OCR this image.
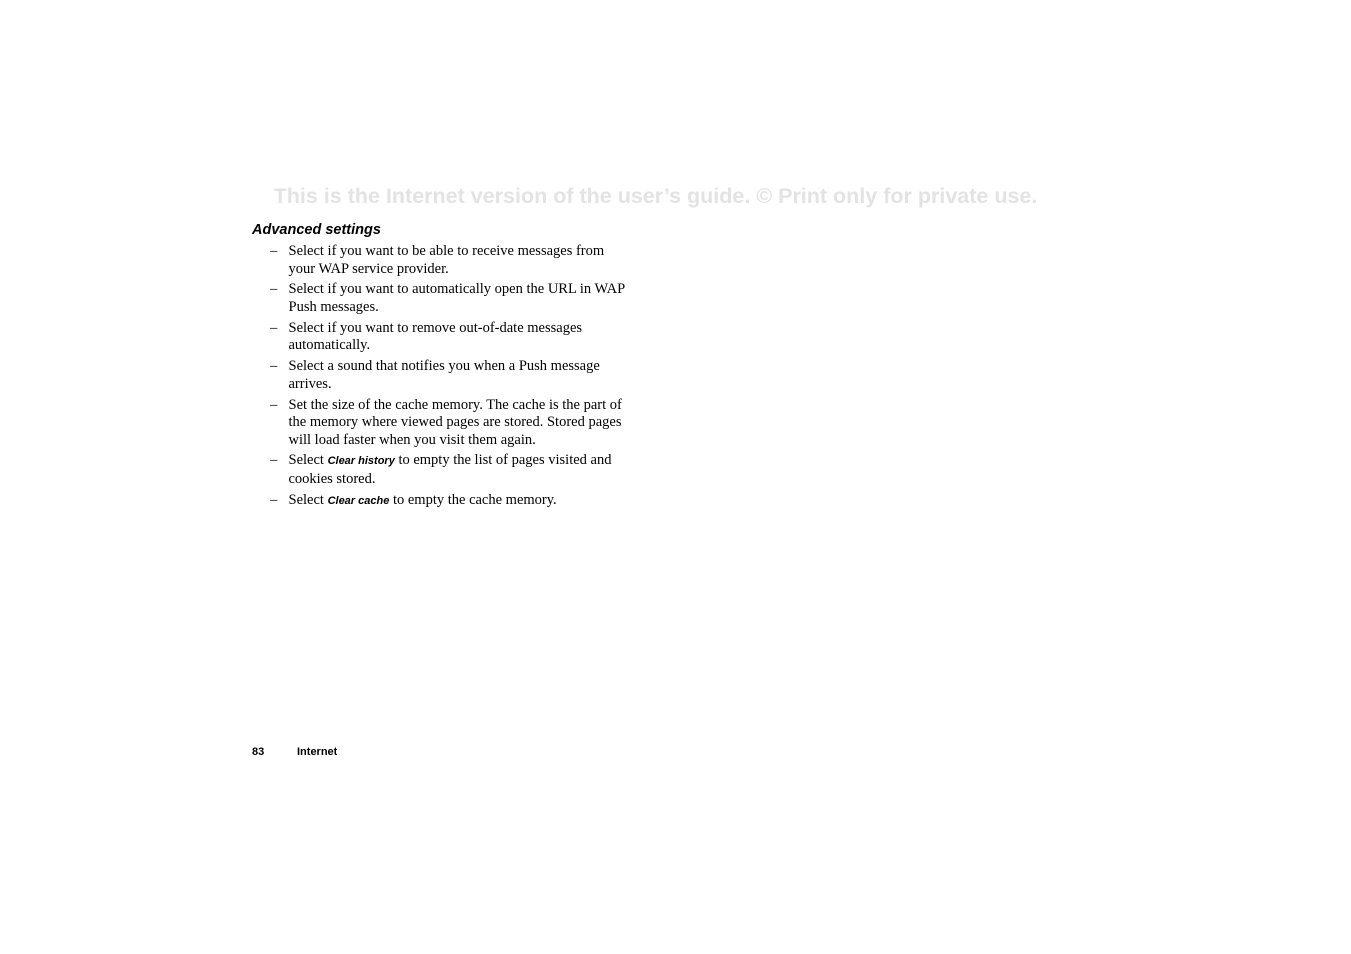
This is the Internet version of the user’s guide. © Print only for private use.
Advanced settings
– Select if you want to be able to receive messages from your WAP service provider.
– Select if you want to automatically open the URL in WAP Push messages.
– Select if you want to remove out-of-date messages automatically.
– Select a sound that notifies you when a Push message arrives.
– Set the size of the cache memory. The cache is the part of the memory where viewed pages are stored. Stored pages will load faster when you visit them again.
– Select Clear history to empty the list of pages visited and cookies stored.
– Select Clear cache to empty the cache memory.
83	Internet
